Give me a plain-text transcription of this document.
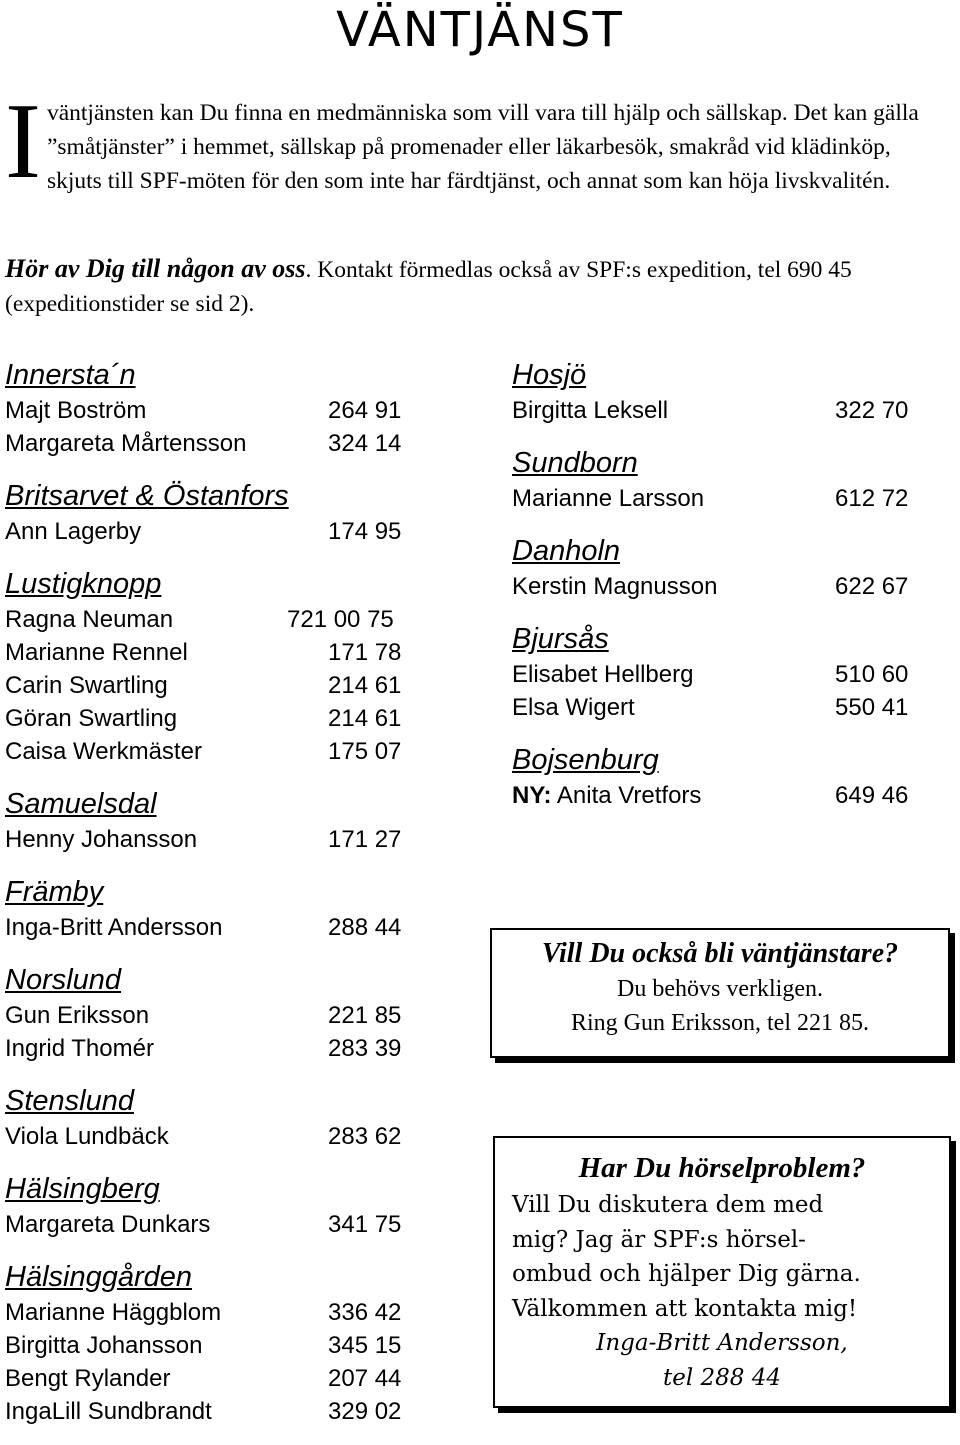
VÄNTJÄNST
Iväntjänsten kan Du finna en medmänniska som vill vara till hjälp och sällskap. Det kan gälla ”småtjänster” i hemmet, sällskap på promenader eller läkarbesök, smakråd vid klädinköp, skjuts till SPF-möten för den som inte har färdtjänst, och annat som kan höja livskvalitén.
Hör av Dig till någon av oss. Kontakt förmedlas också av SPF:s expedition, tel 690 45 (expeditionstider se sid 2).
Innersta´n
Majt Boström	264 91
Margareta Mårtensson	324 14
Britsarvet & Östanfors
Ann Lagerby	174 95
Lustigknopp
Ragna Neuman	721 00 75
Marianne Rennel	171 78
Carin Swartling	214 61
Göran Swartling	214 61
Caisa Werkmäster	175 07
Samuelsdal
Henny Johansson	171 27
Främby
Inga-Britt Andersson	288 44
Norslund
Gun Eriksson	221 85
Ingrid Thomér	283 39
Stenslund
Viola Lundbäck	283 62
Hälsingberg
Margareta Dunkars	341 75
Hälsinggården
Marianne Häggblom	336 42
Birgitta Johansson	345 15
Bengt Rylander	207 44
IngaLill Sundbrandt	329 02
Hosjö
Birgitta Leksell	322 70
Sundborn
Marianne Larsson	612 72
Danholn
Kerstin Magnusson	622 67
Bjursås
Elisabet Hellberg	510 60
Elsa Wigert	550 41
Bojsenburg
NY: Anita Vretfors	649 46
Vill Du också bli väntjänstare?
Du behövs verkligen.
Ring Gun Eriksson, tel 221 85.
Har Du hörselproblem?
Vill Du diskutera dem med
mig? Jag är SPF:s hörsel-
ombud och hjälper Dig gärna.
Välkommen att kontakta mig!
Inga-Britt Andersson,
tel 288 44
